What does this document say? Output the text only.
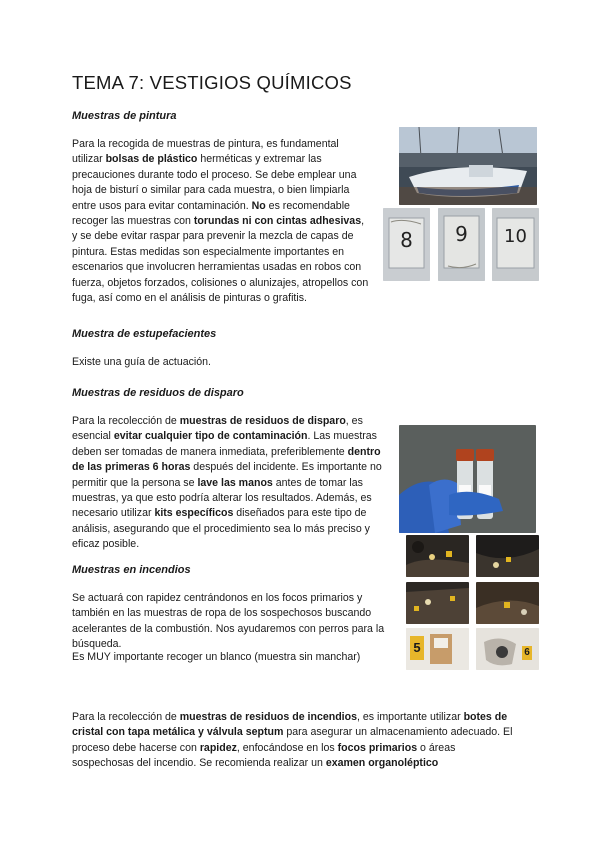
TEMA 7: VESTIGIOS QUÍMICOS
Muestras de pintura
Para la recogida de muestras de pintura, es fundamental utilizar bolsas de plástico herméticas y extremar las precauciones durante todo el proceso. Se debe emplear una hoja de bisturí o similar para cada muestra, o bien limpiarla entre usos para evitar contaminación. No es recomendable recoger las muestras con torundas ni con cintas adhesivas, y se debe evitar raspar para prevenir la mezcla de capas de pintura. Estas medidas son especialmente importantes en escenarios que involucren herramientas usadas en robos con fuerza, objetos forzados, colisiones o alunizajes, atropellos con fuga, así como en el análisis de pinturas o grafitis.
8	9	10
Muestra de estupefacientes
Existe una guía de actuación.
Muestras de residuos de disparo
Para la recolección de muestras de residuos de disparo, es esencial evitar cualquier tipo de contaminación. Las muestras deben ser tomadas de manera inmediata, preferiblemente dentro de las primeras 6 horas después del incidente. Es importante no permitir que la persona se lave las manos antes de tomar las muestras, ya que esto podría alterar los resultados. Además, es necesario utilizar kits específicos diseñados para este tipo de análisis, asegurando que el procedimiento sea lo más preciso y eficaz posible.
Muestras en incendios
Se actuará con rapidez centrándonos en los focos primarios y también en las muestras de ropa de los sospechosos buscando acelerantes de la combustión. Nos ayudaremos con perros para la búsqueda.
Es MUY importante recoger un blanco (muestra sin manchar)
5	6
Para la recolección de muestras de residuos de incendios, es importante utilizar botes de cristal con tapa metálica y válvula septum para asegurar un almacenamiento adecuado. El proceso debe hacerse con rapidez, enfocándose en los focos primarios o áreas sospechosas del incendio. Se recomienda realizar un examen organoléptico
